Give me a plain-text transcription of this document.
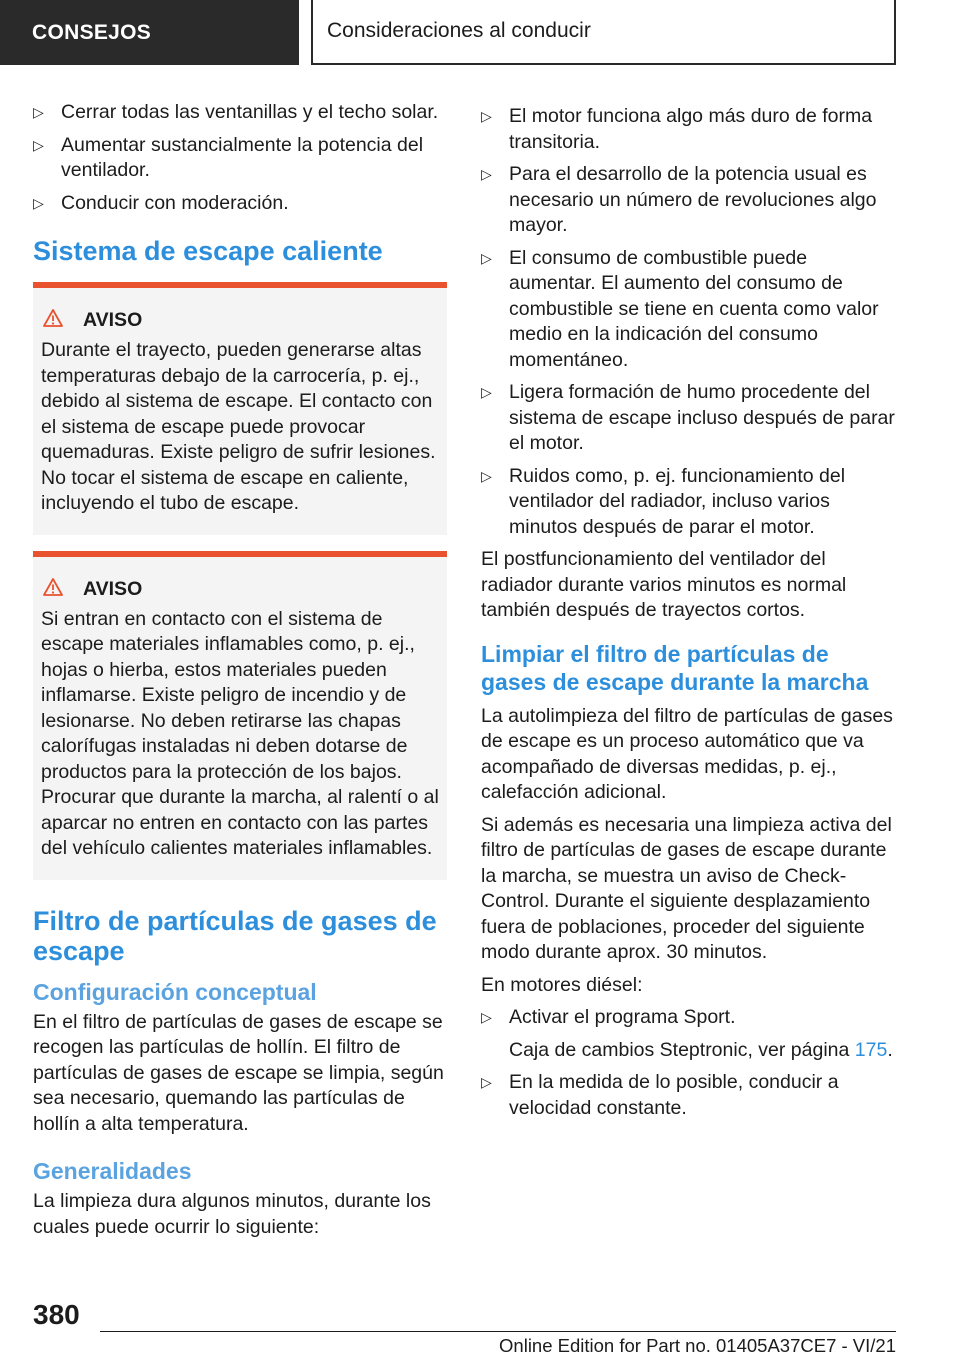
CONSEJOS	Consideraciones al conducir
▷ Cerrar todas las ventanillas y el techo solar.
▷ Aumentar sustancialmente la potencia del ventilador.
▷ Conducir con moderación.
Sistema de escape caliente
AVISO
Durante el trayecto, pueden generarse altas temperaturas debajo de la carrocería, p. ej., debido al sistema de escape. El contacto con el sistema de escape puede provocar quemaduras. Existe peligro de sufrir lesiones. No tocar el sistema de escape en caliente, incluyendo el tubo de escape.
AVISO
Si entran en contacto con el sistema de escape materiales inflamables como, p. ej., hojas o hierba, estos materiales pueden inflamarse. Existe peligro de incendio y de lesionarse. No deben retirarse las chapas calorífugas instaladas ni deben dotarse de productos para la protección de los bajos. Procurar que durante la marcha, al ralentí o al aparcar no entren en contacto con las partes del vehículo calientes materiales inflamables.
Filtro de partículas de gases de escape
Configuración conceptual

En el filtro de partículas de gases de escape se recogen las partículas de hollín. El filtro de partículas de gases de escape se limpia, según sea necesario, quemando las partículas de hollín a alta temperatura.

Generalidades

La limpieza dura algunos minutos, durante los cuales puede ocurrir lo siguiente:

▷ El motor funciona algo más duro de forma transitoria.
▷ Para el desarrollo de la potencia usual es necesario un número de revoluciones algo mayor.
▷ El consumo de combustible puede aumentar. El aumento del consumo de combustible se tiene en cuenta como valor medio en la indicación del consumo momentáneo.
▷ Ligera formación de humo procedente del sistema de escape incluso después de parar el motor.
▷ Ruidos como, p. ej. funcionamiento del ventilador del radiador, incluso varios minutos después de parar el motor.

El postfuncionamiento del ventilador del radiador durante varios minutos es normal también después de trayectos cortos.

Limpiar el filtro de partículas de gases de escape durante la marcha

La autolimpieza del filtro de partículas de gases de escape es un proceso automático que va acompañado de diversas medidas, p. ej., calefacción adicional.

Si además es necesaria una limpieza activa del filtro de partículas de gases de escape durante la marcha, se muestra un aviso de Check-Control. Durante el siguiente desplazamiento fuera de poblaciones, proceder del siguiente modo durante aprox. 30 minutos.

En motores diésel:

▷ Activar el programa Sport.
Caja de cambios Steptronic, ver página 175.
▷ En la medida de lo posible, conducir a velocidad constante.
380
Online Edition for Part no. 01405A37CE7 - VI/21
